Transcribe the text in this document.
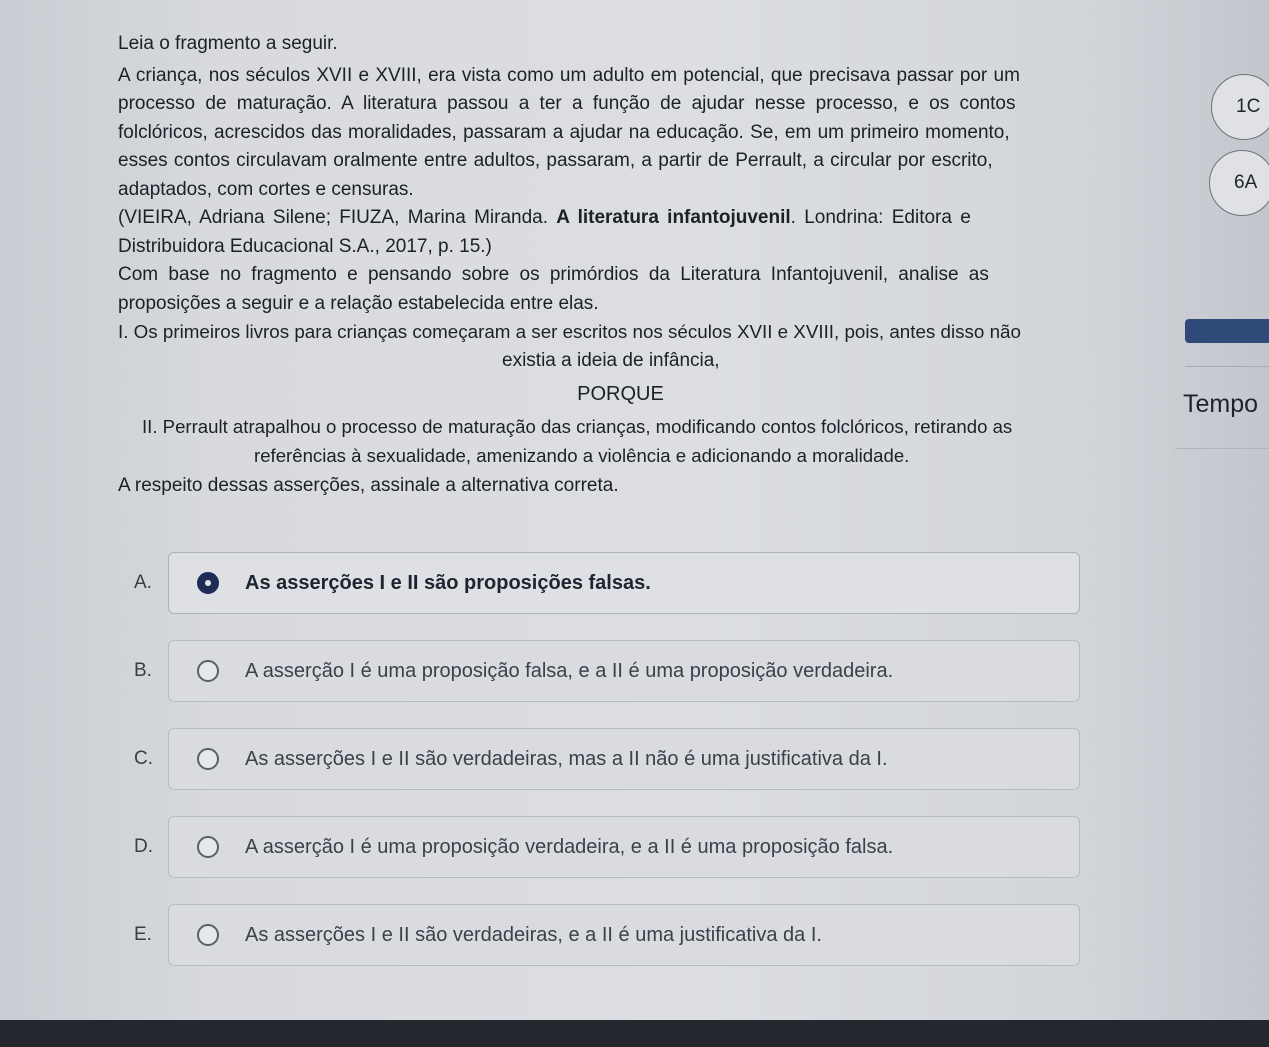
Leia o fragmento a seguir.
A criança, nos séculos XVII e XVIII, era vista como um adulto em potencial, que precisava passar por um
processo de maturação. A literatura passou a ter a função de ajudar nesse processo, e os contos
folclóricos, acrescidos das moralidades, passaram a ajudar na educação. Se, em um primeiro momento,
esses contos circulavam oralmente entre adultos, passaram, a partir de Perrault, a circular por escrito,
adaptados, com cortes e censuras.
(VIEIRA, Adriana Silene; FIUZA, Marina Miranda. A literatura infantojuvenil. Londrina: Editora e
Distribuidora Educacional S.A., 2017, p. 15.)
Com base no fragmento e pensando sobre os primórdios da Literatura Infantojuvenil, analise as
proposições a seguir e a relação estabelecida entre elas.
I. Os primeiros livros para crianças começaram a ser escritos nos séculos XVII e XVIII, pois, antes disso não
existia a ideia de infância,
PORQUE
II. Perrault atrapalhou o processo de maturação das crianças, modificando contos folclóricos, retirando as
referências à sexualidade, amenizando a violência e adicionando a moralidade.
A respeito dessas asserções, assinale a alternativa correta.
A.	As asserções I e II são proposições falsas.
B.	A asserção I é uma proposição falsa, e a II é uma proposição verdadeira.
C.	As asserções I e II são verdadeiras, mas a II não é uma justificativa da I.
D.	A asserção I é uma proposição verdadeira, e a II é uma proposição falsa.
E.	As asserções I e II são verdadeiras, e a II é uma justificativa da I.
1C
6A
Tempo
